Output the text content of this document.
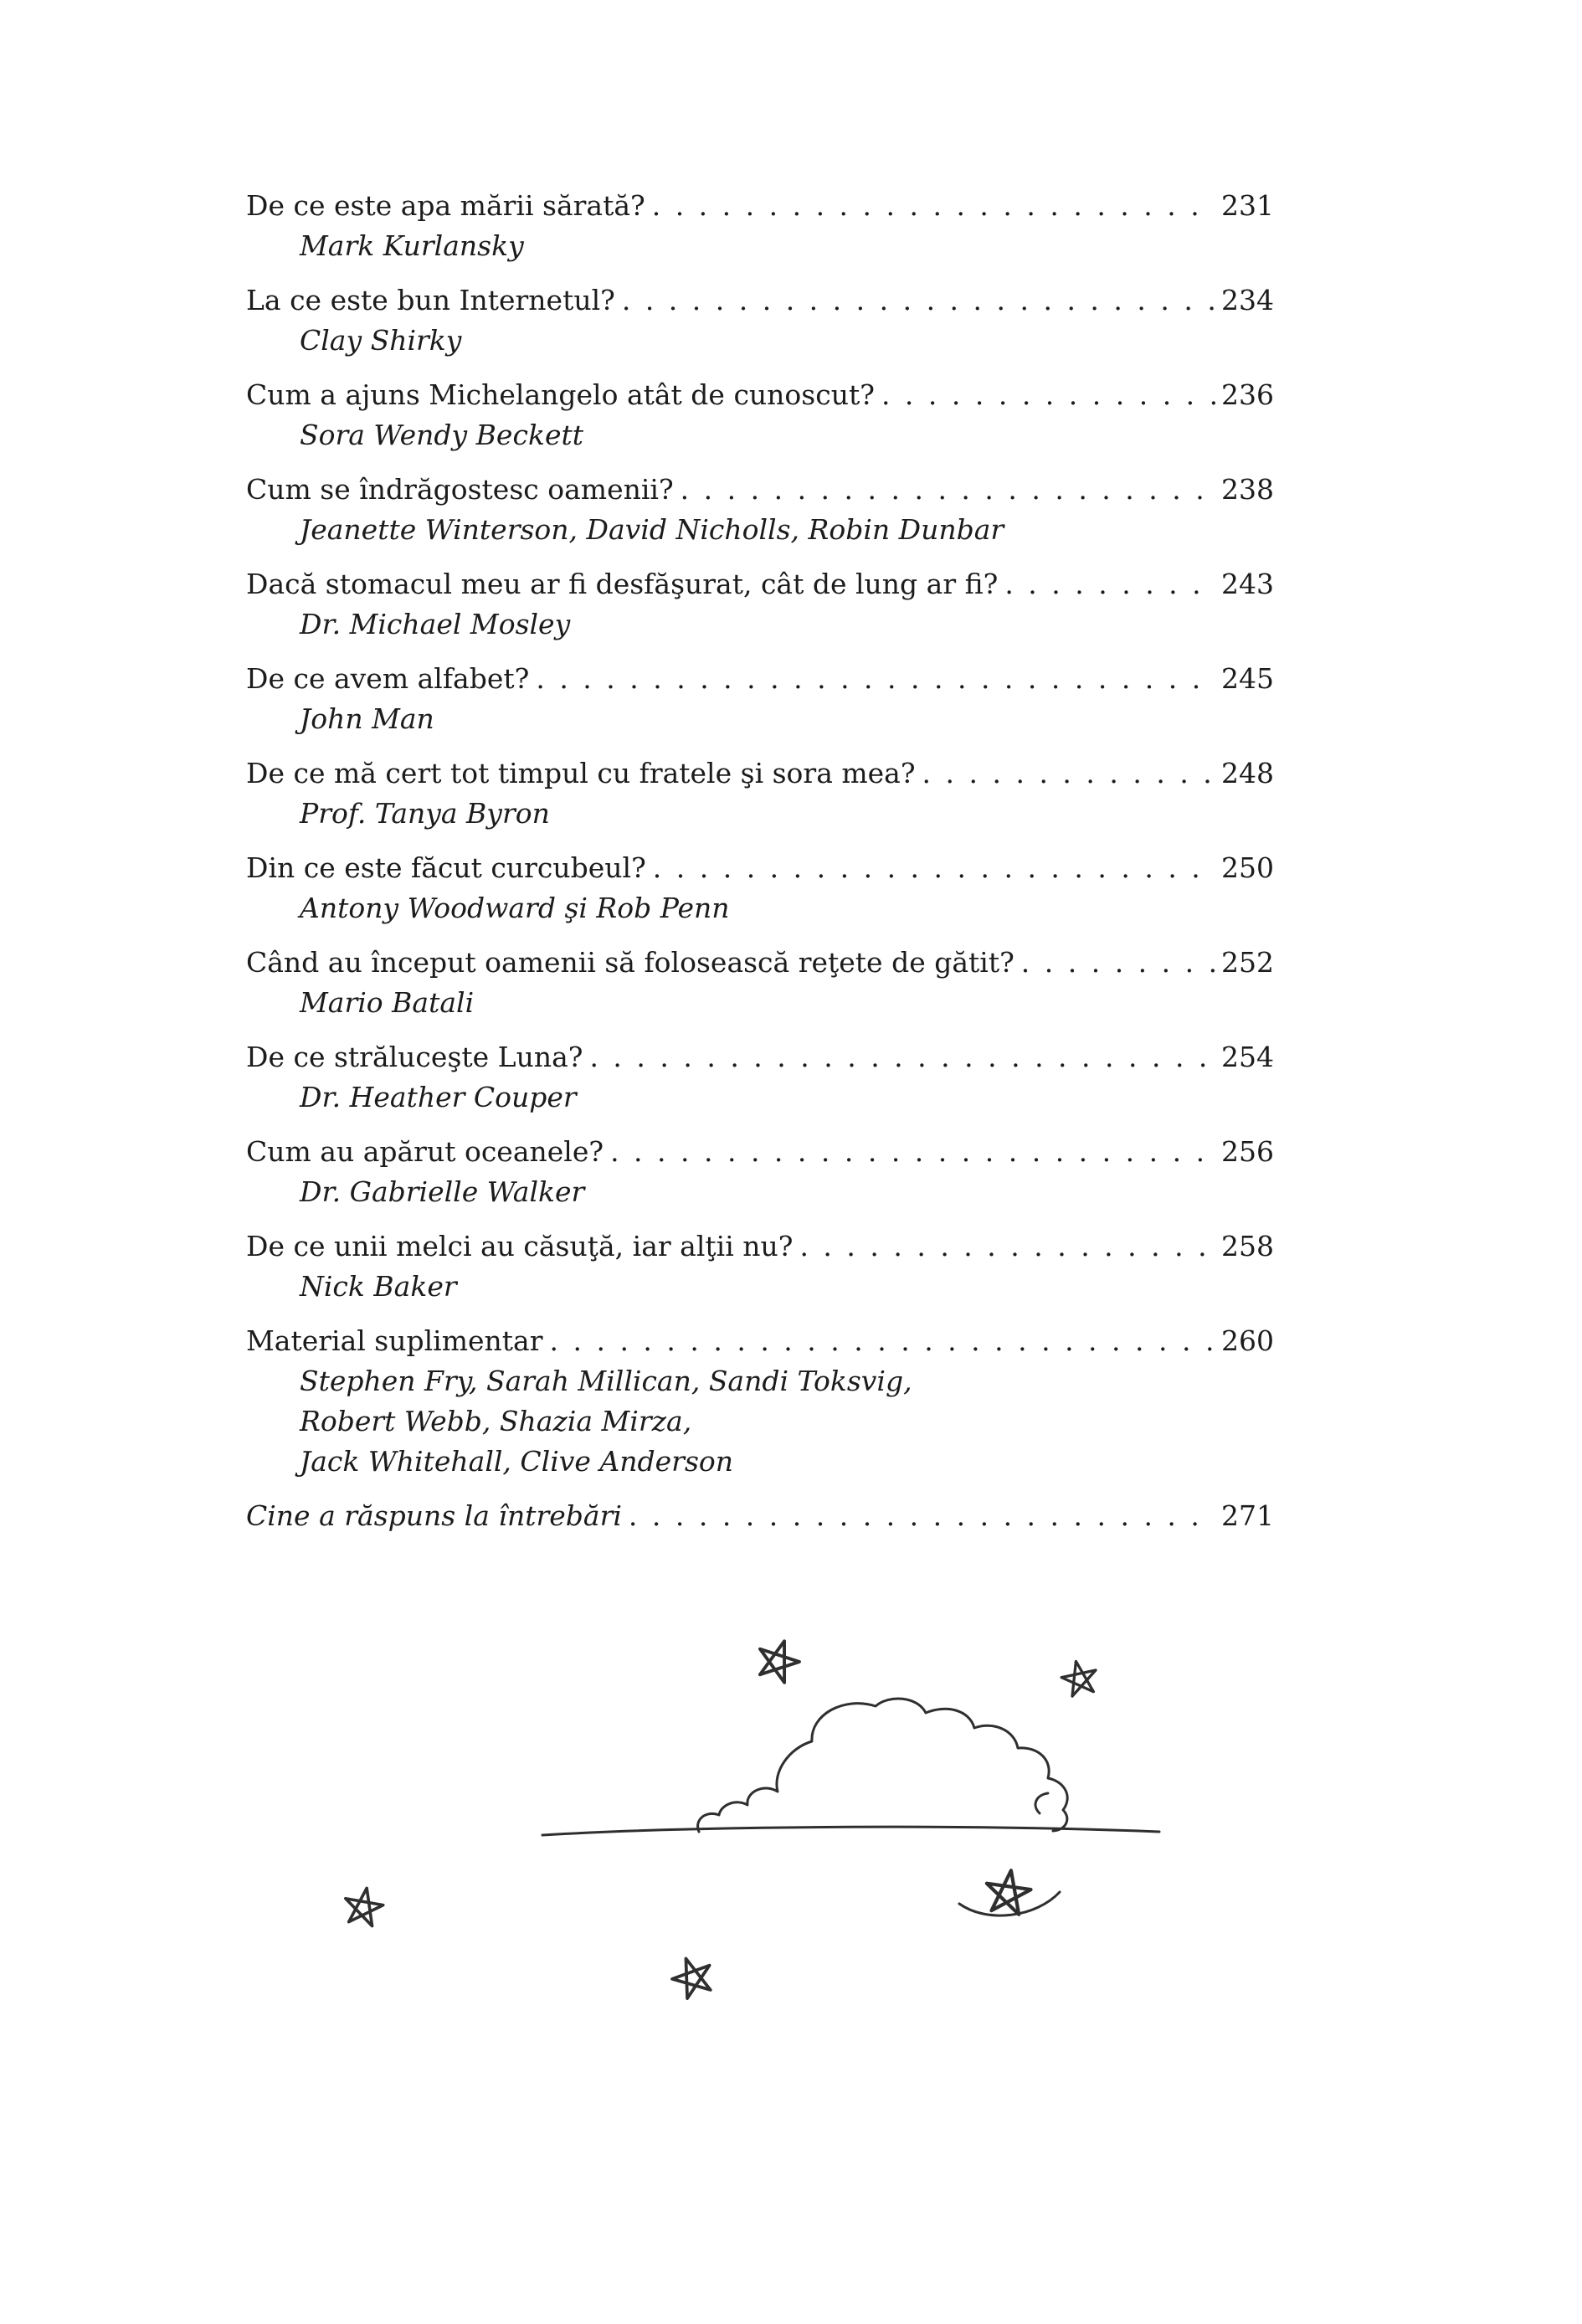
De ce este apa mării sărată? . . .	231
Mark Kurlansky
La ce este bun Internetul? . . .	234
Clay Shirky
Cum a ajuns Michelangelo atât de cunoscut? . . .	236
Sora Wendy Beckett
Cum se îndrăgostesc oamenii? . . .	238
Jeanette Winterson, David Nicholls, Robin Dunbar
Dacă stomacul meu ar fi desfăşurat, cât de lung ar fi? . . .	243
Dr. Michael Mosley
De ce avem alfabet? . . .	245
John Man
De ce mă cert tot timpul cu fratele şi sora mea? . . .	248
Prof. Tanya Byron
Din ce este făcut curcubeul? . . .	250
Antony Woodward şi Rob Penn
Când au început oamenii să folosească reţete de gătit? . . .	252
Mario Batali
De ce străluceşte Luna? . . .	254
Dr. Heather Couper
Cum au apărut oceanele? . . .	256
Dr. Gabrielle Walker
De ce unii melci au căsuţă, iar alţii nu? . . .	258
Nick Baker
Material suplimentar . . .	260
Stephen Fry, Sarah Millican, Sandi Toksvig,
Robert Webb, Shazia Mirza,
Jack Whitehall, Clive Anderson
Cine a răspuns la întrebări . . .	271
